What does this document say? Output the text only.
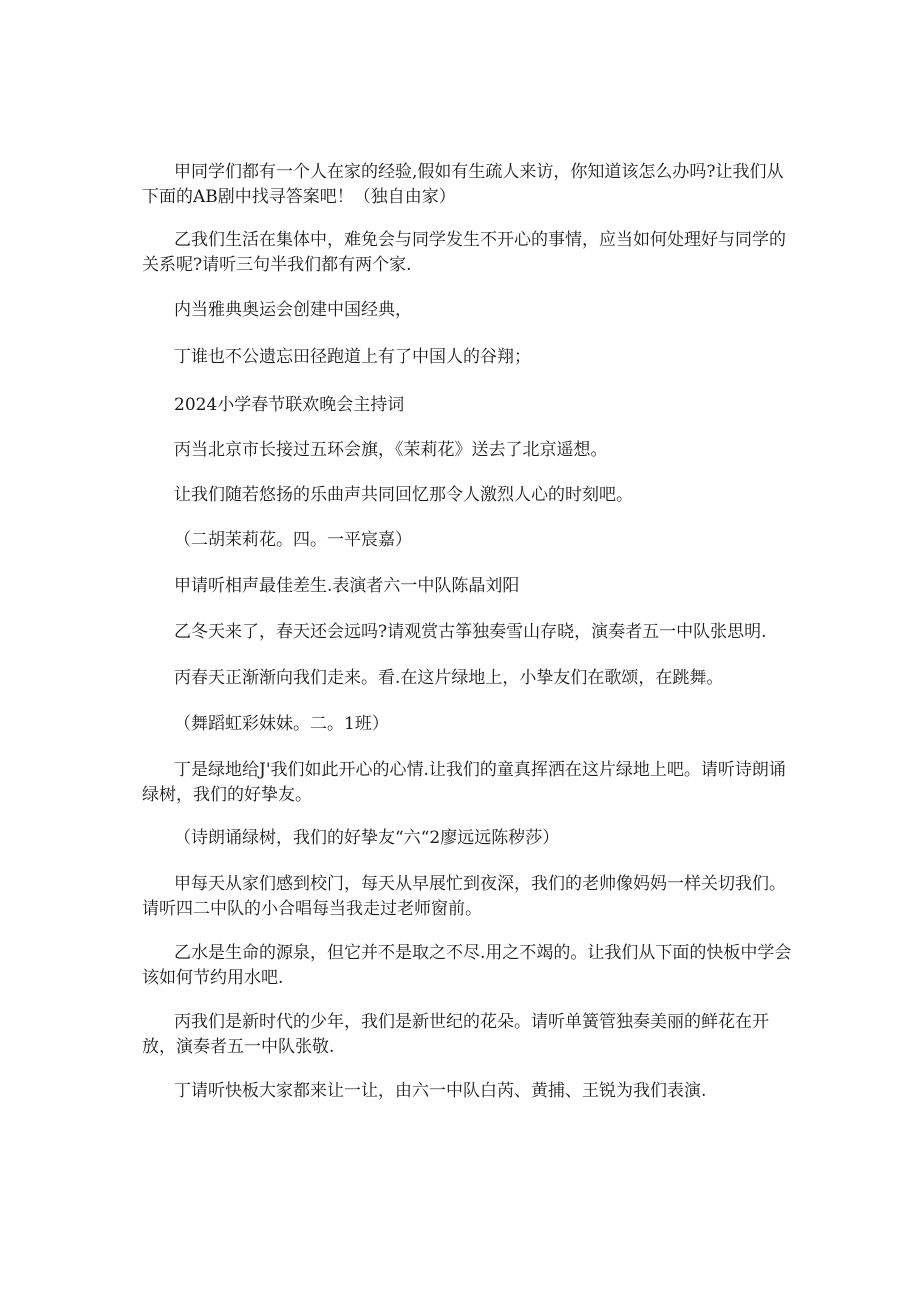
甲同学们都有一个人在家的经验,假如有生疏人来访，你知道该怎么办吗?让我们从下面的AB剧中找寻答案吧！（独自由家）

乙我们生活在集体中，难免会与同学发生不开心的事情，应当如何处理好与同学的关系呢?请听三句半我们都有两个家.

内当雅典奥运会创建中国经典，

丁谁也不公遗忘田径跑道上有了中国人的谷翔；

2024小学春节联欢晚会主持词

丙当北京市长接过五环会旗，《茉莉花》送去了北京遥想。

让我们随若悠扬的乐曲声共同回忆那令人激烈人心的时刻吧。

（二胡茉莉花。四。一平宸嘉）

甲请听相声最佳差生.表演者六一中队陈晶刘阳

乙冬天来了，春天还会远吗?请观赏古筝独奏雪山存晓，演奏者五一中队张思明.

丙春天正渐渐向我们走来。看.在这片绿地上，小挚友们在歌颂，在跳舞。

（舞蹈虹彩妹妹。二。1班）

丁是绿地给J'我们如此开心的心情.让我们的童真挥洒在这片绿地上吧。请听诗朗诵绿树，我们的好挚友。

（诗朗诵绿树，我们的好挚友“六“2廖远远陈秽莎）

甲每天从家们感到校门，每天从早展忙到夜深，我们的老帅像妈妈一样关切我们。请听四二中队的小合唱每当我走过老师窗前。

乙水是生命的源泉，但它并不是取之不尽.用之不竭的。让我们从下面的快板中学会该如何节约用水吧.

丙我们是新时代的少年，我们是新世纪的花朵。请听单簧管独奏美丽的鲜花在开放，演奏者五一中队张敬.

丁请听快板大家都来让一让，由六一中队白芮、黄捕、王锐为我们表演.
